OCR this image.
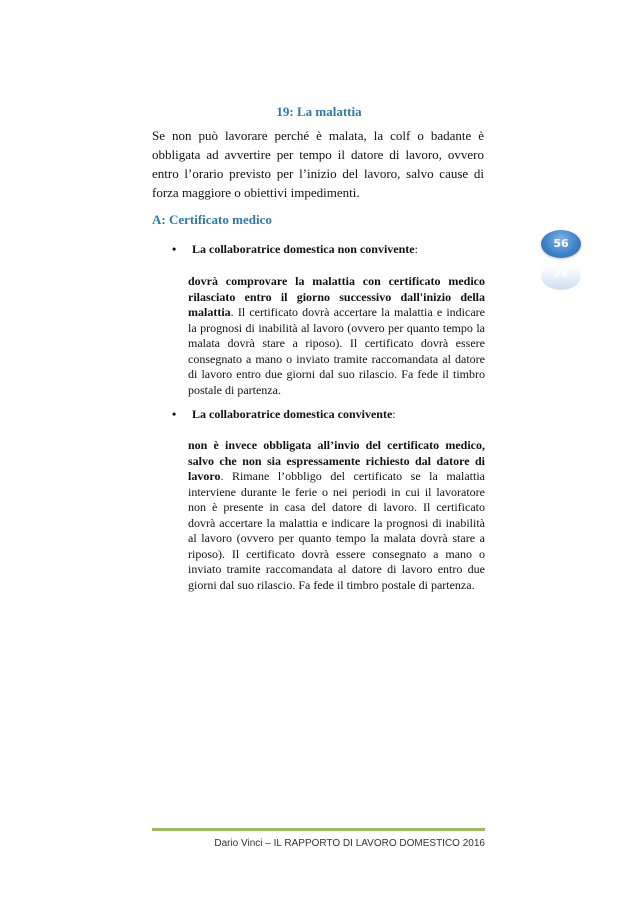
19: La malattia

Se non può lavorare perché è malata, la colf o badante è obbligata ad avvertire per tempo il datore di lavoro, ovvero entro l’orario previsto per l’inizio del lavoro, salvo cause di forza maggiore o obiettivi impedimenti.

A: Certificato medico
56
56

• La collaboratrice domestica non convivente:

dovrà comprovare la malattia con certificato medico rilasciato entro il giorno successivo dall'inizio della malattia. Il certificato dovrà accertare la malattia e indicare la prognosi di inabilità al lavoro (ovvero per quanto tempo la malata dovrà stare a riposo). Il certificato dovrà essere consegnato a mano o inviato tramite raccomandata al datore di lavoro entro due giorni dal suo rilascio. Fa fede il timbro postale di partenza.

• La collaboratrice domestica convivente:

non è invece obbligata all’invio del certificato medico, salvo che non sia espressamente richiesto dal datore di lavoro. Rimane l’obbligo del certificato se la malattia interviene durante le ferie o nei periodi in cui il lavoratore non è presente in casa del datore di lavoro. Il certificato dovrà accertare la malattia e indicare la prognosi di inabilità al lavoro (ovvero per quanto tempo la malata dovrà stare a riposo). Il certificato dovrà essere consegnato a mano o inviato tramite raccomandata al datore di lavoro entro due giorni dal suo rilascio. Fa fede il timbro postale di partenza.

Dario Vinci – IL RAPPORTO DI LAVORO DOMESTICO 2016
